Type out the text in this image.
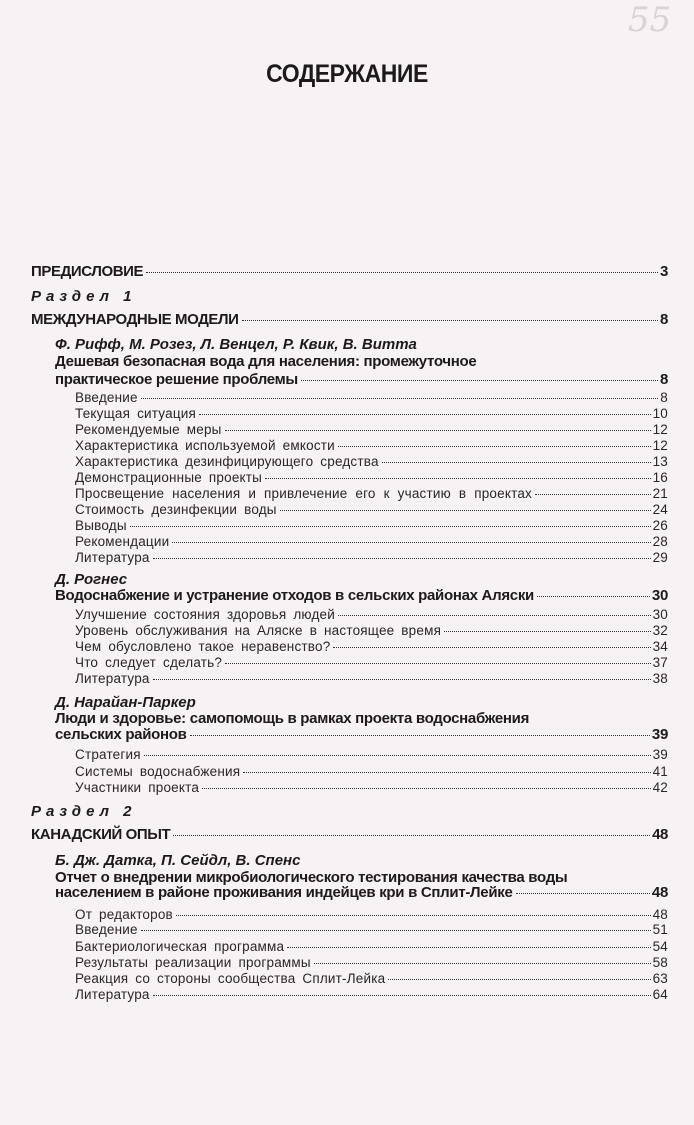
55
СОДЕРЖАНИЕ
ПРЕДИСЛОВИЕ	3
Раздел 1
МЕЖДУНАРОДНЫЕ МОДЕЛИ	8
Ф. Рифф, М. Розез, Л. Венцел, Р. Квик, В. Витта
Дешевая безопасная вода для населения: промежуточное
практическое решение проблемы	8
Введение	8
Текущая ситуация	10
Рекомендуемые меры	12
Характеристика используемой емкости	12
Характеристика дезинфицирующего средства	13
Демонстрационные проекты	16
Просвещение населения и привлечение его к участию в проектах	21
Стоимость дезинфекции воды	24
Выводы	26
Рекомендации	28
Литература	29
Д. Рогнес
Водоснабжение и устранение отходов в сельских районах Аляски	30
Улучшение состояния здоровья людей	30
Уровень обслуживания на Аляске в настоящее время	32
Чем обусловлено такое неравенство?	34
Что следует сделать?	37
Литература	38
Д. Нарайан-Паркер
Люди и здоровье: самопомощь в рамках проекта водоснабжения
сельских районов	39
Стратегия	39
Системы водоснабжения	41
Участники проекта	42
Раздел 2
КАНАДСКИЙ ОПЫТ	48
Б. Дж. Датка, П. Сейдл, В. Спенс
Отчет о внедрении микробиологического тестирования качества воды
населением в районе проживания индейцев кри в Сплит-Лейке	48
От редакторов	48
Введение	51
Бактериологическая программа	54
Результаты реализации программы	58
Реакция со стороны сообщества Сплит-Лейка	63
Литература	64
